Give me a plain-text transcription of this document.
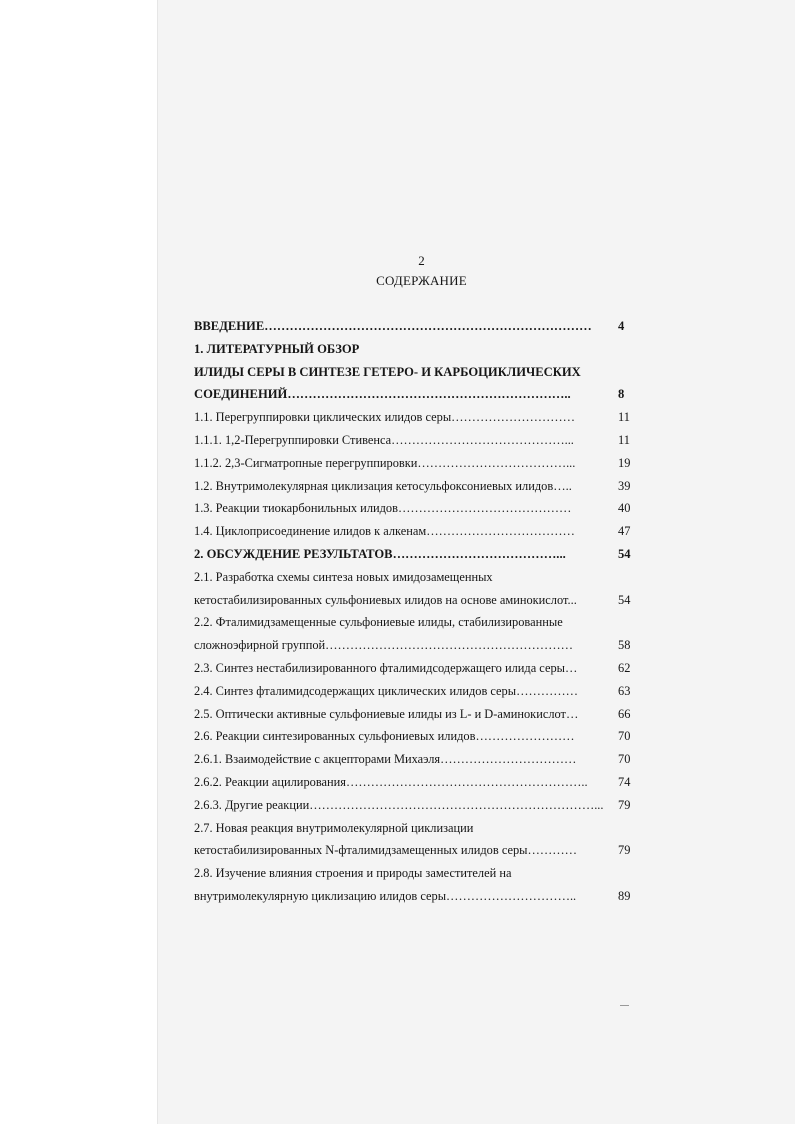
2
СОДЕРЖАНИЕ
ВВЕДЕНИЕ…………………………………………………………………… 4
1. ЛИТЕРАТУРНЫЙ ОБЗОР
ИЛИДЫ СЕРЫ В СИНТЕЗЕ ГЕТЕРО- И КАРБОЦИКЛИЧЕСКИХ
СОЕДИНЕНИЙ…………………………………………………………..	8
1.1. Перегруппировки циклических илидов серы…………………………	11
1.1.1. 1,2-Перегруппировки Стивенса……………………………………...	11
1.1.2. 2,3-Сигматропные перегруппировки………………………………...	19
1.2. Внутримолекулярная циклизация кетосульфоксониевых илидов…..	39
1.3. Реакции тиокарбонильных илидов……………………………………	40
1.4. Циклоприсоединение илидов к алкенам………………………………	47
2. ОБСУЖДЕНИЕ РЕЗУЛЬТАТОВ…………………………………...	54
2.1. Разработка схемы синтеза новых имидозамещенных
кетостабилизированных сульфониевых илидов на основе аминокислот...	54
2.2. Фталимидзамещенные сульфониевые илиды, стабилизированные
сложноэфирной группой……………………………………………………	58
2.3. Синтез нестабилизированного фталимидсодержащего илида серы…	62
2.4. Синтез фталимидсодержащих циклических илидов серы……………	63
2.5. Оптически активные сульфониевые илиды из L- и D-аминокислот…	66
2.6. Реакции синтезированных сульфониевых илидов……………………	70
2.6.1. Взаимодействие с акцепторами Михаэля……………………………	70
2.6.2. Реакции ацилирования………………………………………………….. 74
2.6.3. Другие реакции……………………………………………………………... 79
2.7. Новая реакция внутримолекулярной циклизации
кетостабилизированных N-фталимидзамещенных илидов серы…………	79
2.8. Изучение влияния строения и природы заместителей на
внутримолекулярную циклизацию илидов серы…………………………..	89
